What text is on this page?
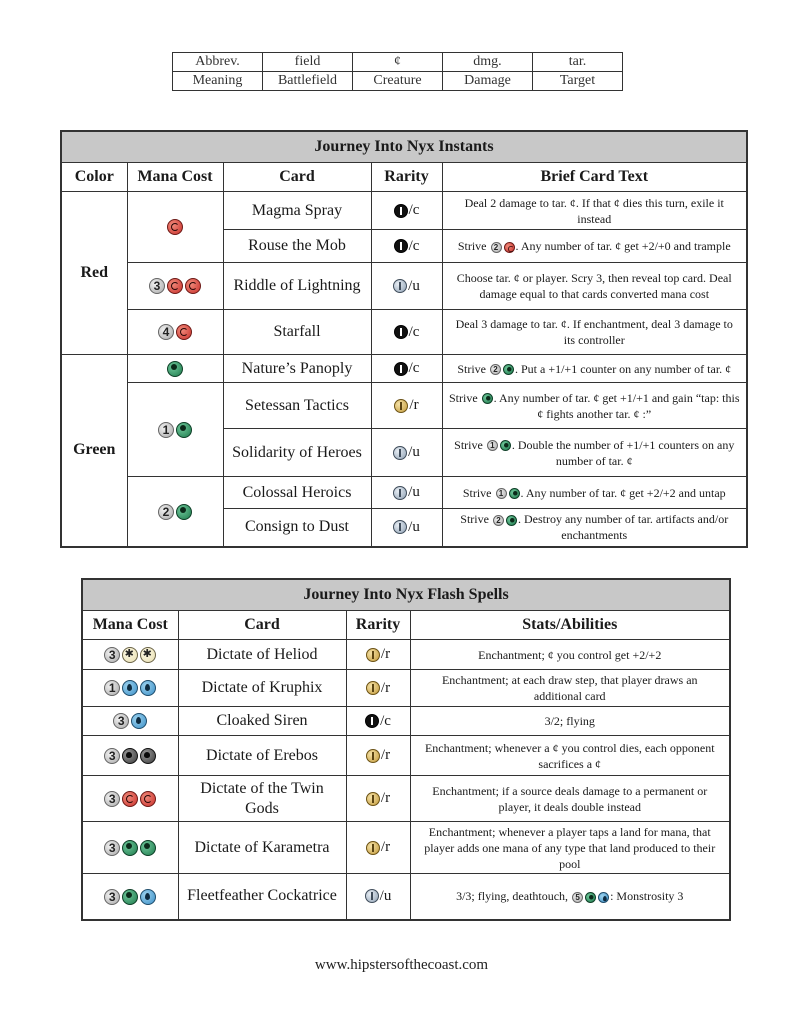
Abbrev.	field	¢	dmg.	tar.
Meaning	Battlefield	Creature	Damage	Target
Journey Into Nyx Instants				
Color	Mana Cost	Card	Rarity	Brief Card Text
Red		Magma Spray	/c	Deal 2 damage to tar. ¢. If that ¢ dies this turn, exile it instead
		Rouse the Mob	/c	Strive 2 . Any number of tar. ¢ get +2/+0 and trample
	3	Riddle of Lightning	/u	Choose tar. ¢ or player. Scry 3, then reveal top card. Deal damage equal to that cards converted mana cost
	4	Starfall	/c	Deal 3 damage to tar. ¢. If enchantment, deal 3 damage to its controller
Green		Nature’s Panoply	/c	Strive 2 . Put a +1/+1 counter on any number of tar. ¢
	1	Setessan Tactics	/r	Strive . Any number of tar. ¢ get +1/+1 and gain “tap: this ¢ fights another tar. ¢ :”
		Solidarity of Heroes	/u	Strive 1 . Double the number of +1/+1 counters on any number of tar. ¢
	2	Colossal Heroics	/u	Strive 1 . Any number of tar. ¢ get +2/+2 and untap
		Consign to Dust	/u	Strive 2 . Destroy any number of tar. artifacts and/or enchantments
Journey Into Nyx Flash Spells			
Mana Cost	Card	Rarity	Stats/Abilities
3✱✱	Dictate of Heliod	/r	Enchantment; ¢ you control get +2/+2
1	Dictate of Kruphix	/r	Enchantment; at each draw step, that player draws an additional card
3	Cloaked Siren	/c	3/2; flying
3	Dictate of Erebos	/r	Enchantment; whenever a ¢ you control dies, each opponent sacrifices a ¢
3	Dictate of the Twin Gods	/r	Enchantment; if a source deals damage to a permanent or player, it deals double instead
3	Dictate of Karametra	/r	Enchantment; whenever a player taps a land for mana, that player adds one mana of any type that land produced to their pool
3	Fleetfeather Cockatrice	/u	3/3; flying, deathtouch, 5 : Monstrosity 3
www.hipstersofthecoast.com
